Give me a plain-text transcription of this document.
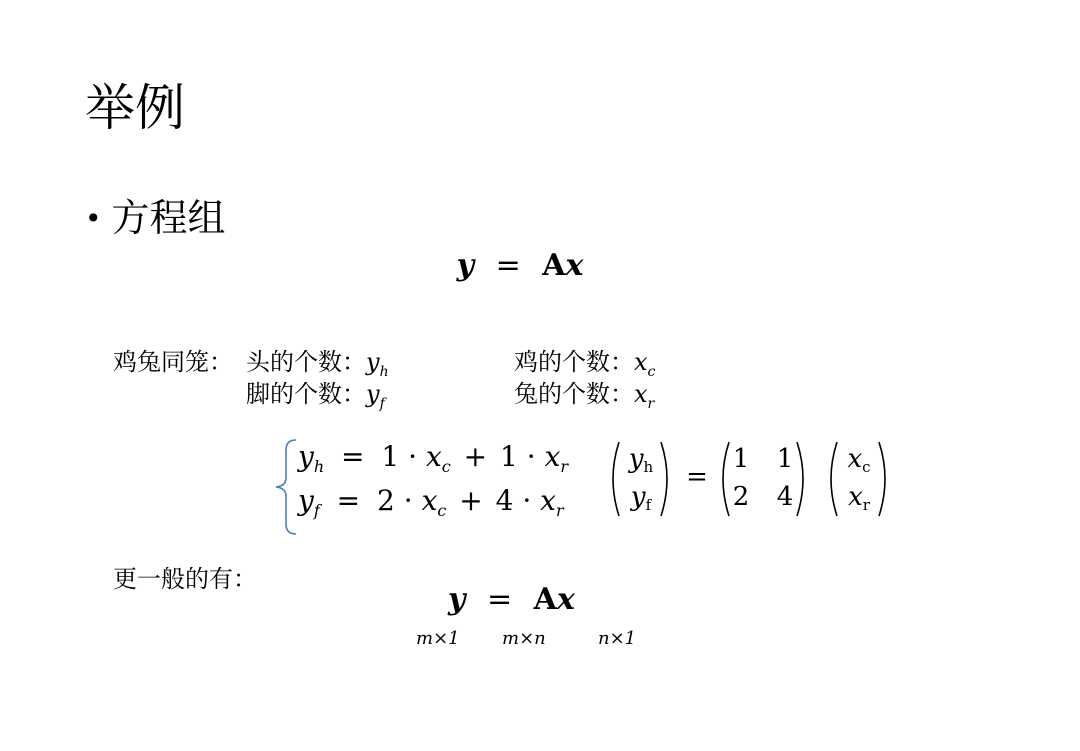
举例
• 方程组
y = Ax
鸡兔同笼： 头的个数：$y_h$
脚的个数：$y_f$
鸡的个数：$x_c$
兔的个数：$x_r$
$y_h = 1 \cdot x_c + 1 \cdot x_r$
$y_f = 2 \cdot x_c + 4 \cdot x_r$
$y_h$
$y_f$
=
1 1
2 4
$x_c$
$x_r$
更一般的有：
y = Ax
m×1 m×n	n×1
